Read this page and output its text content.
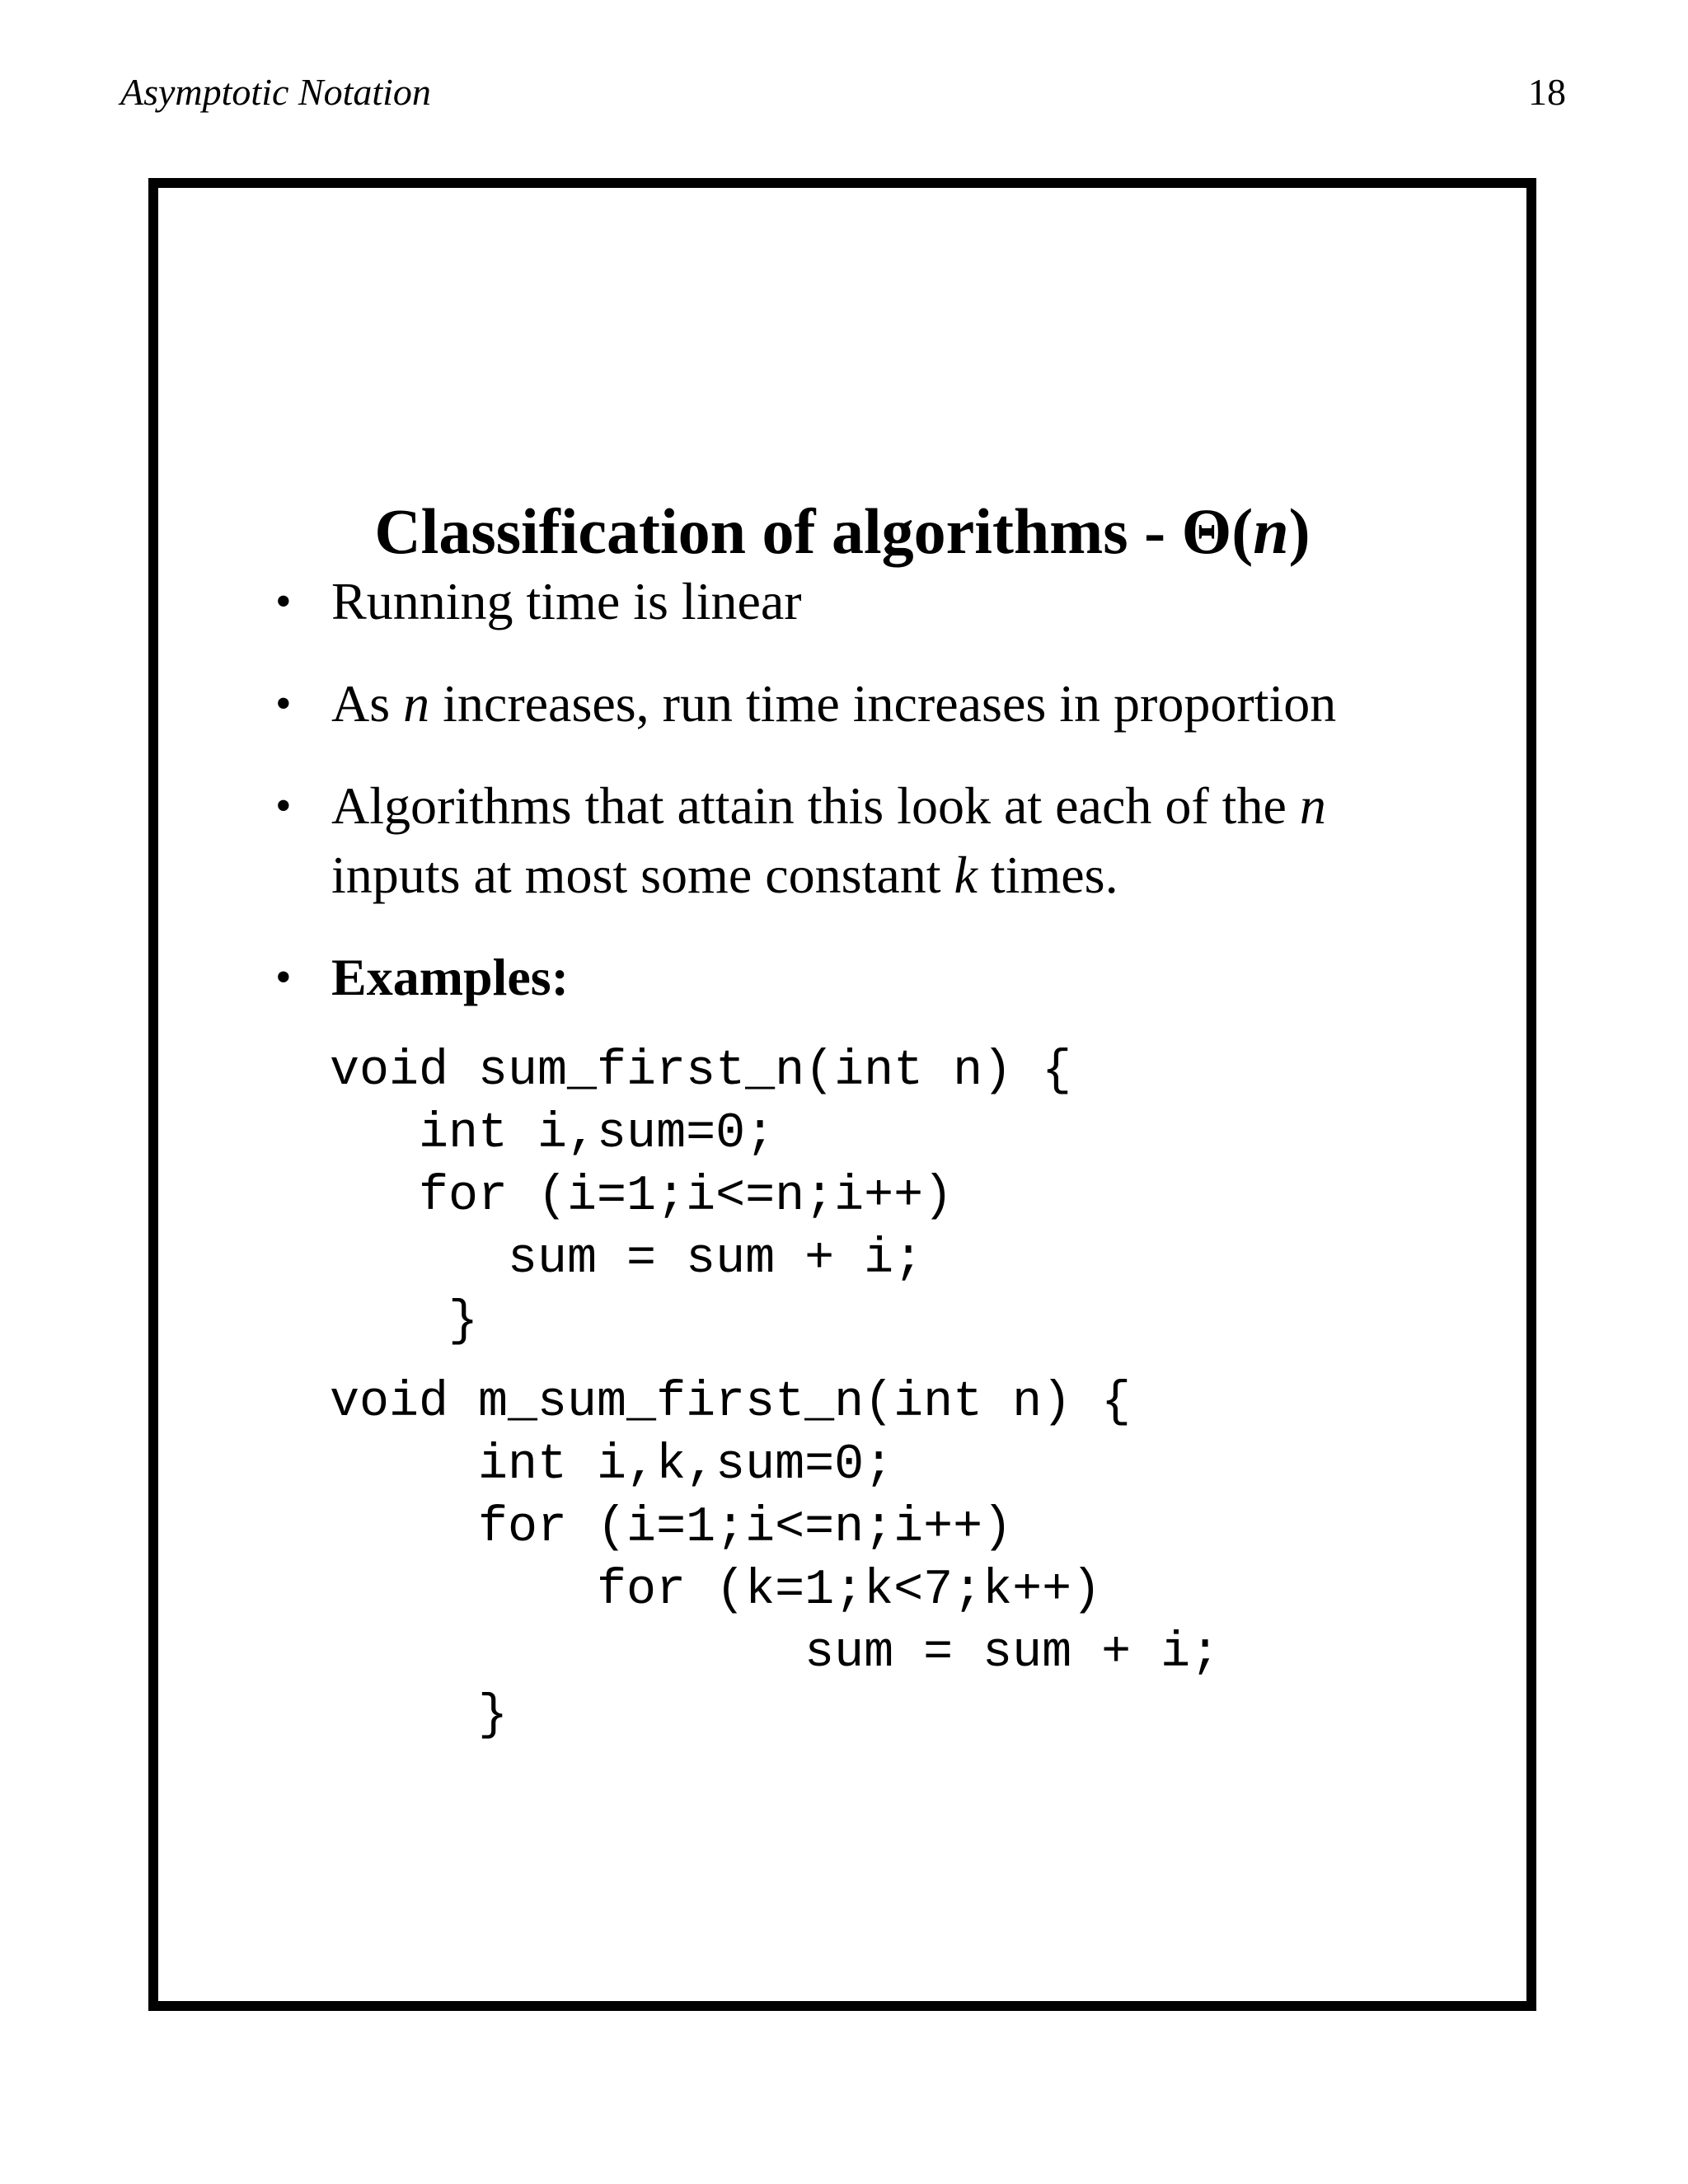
Asymptotic Notation	18
Classification of algorithms - Θ(n)
• Running time is linear
• As n increases, run time increases in proportion
• Algorithms that attain this look at each of the n inputs at most some constant k times.
• Examples:
void sum_first_n(int n) {
int i,sum=0;
for (i=1;i<=n;i++)
sum = sum + i;
}
void m_sum_first_n(int n) {
int i,k,sum=0;
for (i=1;i<=n;i++)
for (k=1;k<7;k++)
sum = sum + i;
}
